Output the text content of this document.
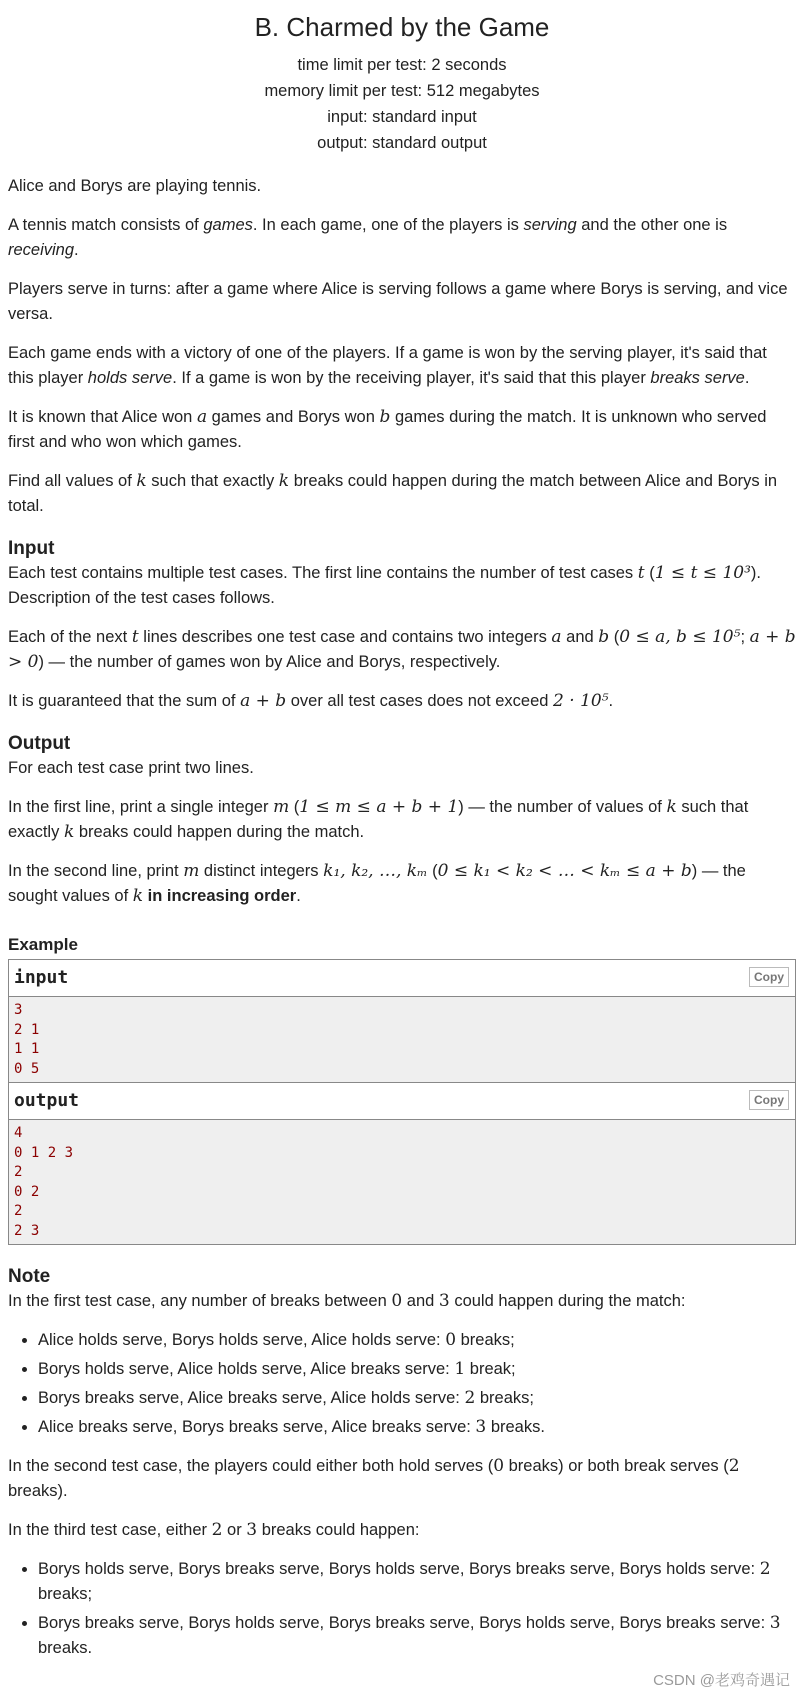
B. Charmed by the Game
time limit per test: 2 seconds
memory limit per test: 512 megabytes
input: standard input
output: standard output

Alice and Borys are playing tennis.

A tennis match consists of games. In each game, one of the players is serving and the other one is receiving.

Players serve in turns: after a game where Alice is serving follows a game where Borys is serving, and vice versa.

Each game ends with a victory of one of the players. If a game is won by the serving player, it's said that this player holds serve. If a game is won by the receiving player, it's said that this player breaks serve.

It is known that Alice won a games and Borys won b games during the match. It is unknown who served first and who won which games.

Find all values of k such that exactly k breaks could happen during the match between Alice and Borys in total.

Input

Each test contains multiple test cases. The first line contains the number of test cases t (1 ≤ t ≤ 10³). Description of the test cases follows.

Each of the next t lines describes one test case and contains two integers a and b (0 ≤ a, b ≤ 10⁵; a + b > 0) — the number of games won by Alice and Borys, respectively.

It is guaranteed that the sum of a + b over all test cases does not exceed 2 · 10⁵.

Output

For each test case print two lines.

In the first line, print a single integer m (1 ≤ m ≤ a + b + 1) — the number of values of k such that exactly k breaks could happen during the match.

In the second line, print m distinct integers k₁, k₂, …, kₘ (0 ≤ k₁ < k₂ < … < kₘ ≤ a + b) — the sought values of k in increasing order.

Example
input	Copy
3
2 1
1 1
0 5
output	Copy
4
0 1 2 3
2
0 2
2
2 3
Note

In the first test case, any number of breaks between 0 and 3 could happen during the match:

• Alice holds serve, Borys holds serve, Alice holds serve: 0 breaks;
• Borys holds serve, Alice holds serve, Alice breaks serve: 1 break;
• Borys breaks serve, Alice breaks serve, Alice holds serve: 2 breaks;
• Alice breaks serve, Borys breaks serve, Alice breaks serve: 3 breaks.

In the second test case, the players could either both hold serves (0 breaks) or both break serves (2 breaks).

In the third test case, either 2 or 3 breaks could happen:

• Borys holds serve, Borys breaks serve, Borys holds serve, Borys breaks serve, Borys holds serve: 2 breaks;
• Borys breaks serve, Borys holds serve, Borys breaks serve, Borys holds serve, Borys breaks serve: 3 breaks.
CSDN @老鸡奇遇记
